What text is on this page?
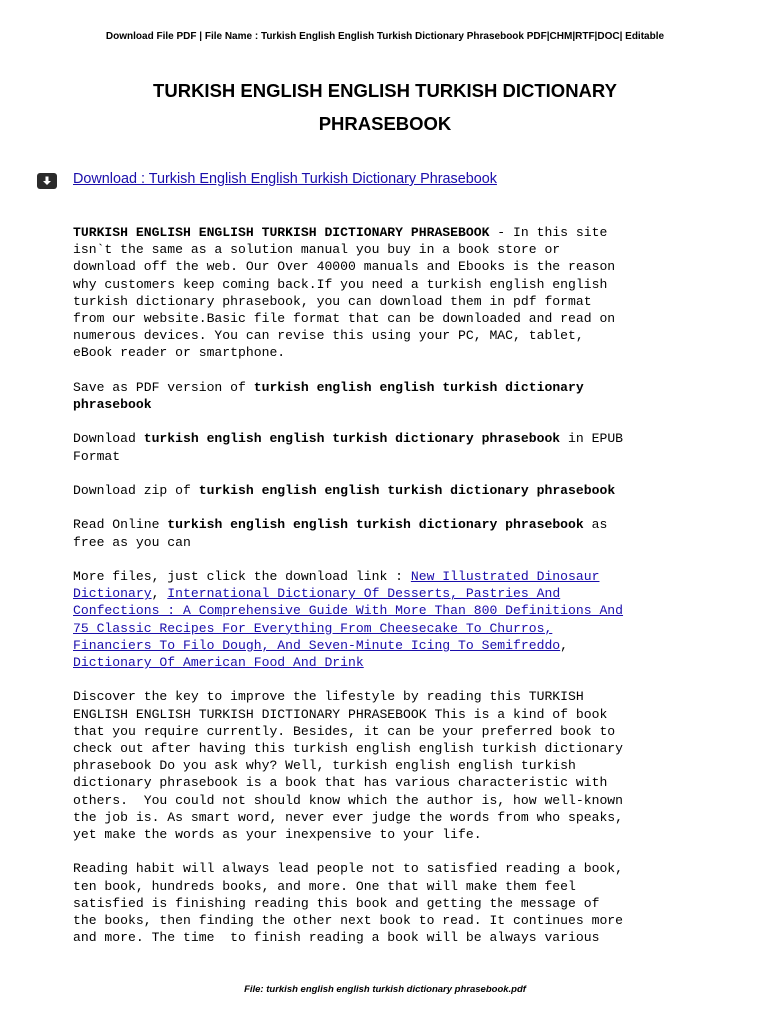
Download File PDF | File Name : Turkish English English Turkish Dictionary Phrasebook PDF|CHM|RTF|DOC| Editable
TURKISH ENGLISH ENGLISH TURKISH DICTIONARY
PHRASEBOOK
Download : Turkish English English Turkish Dictionary Phrasebook

TURKISH ENGLISH ENGLISH TURKISH DICTIONARY PHRASEBOOK - In this site
isn`t the same as a solution manual you buy in a book store or
download off the web. Our Over 40000 manuals and Ebooks is the reason
why customers keep coming back.If you need a turkish english english
turkish dictionary phrasebook, you can download them in pdf format
from our website.Basic file format that can be downloaded and read on
numerous devices. You can revise this using your PC, MAC, tablet,
eBook reader or smartphone.

Save as PDF version of turkish english english turkish dictionary
phrasebook

Download turkish english english turkish dictionary phrasebook in EPUB
Format

Download zip of turkish english english turkish dictionary phrasebook

Read Online turkish english english turkish dictionary phrasebook as
free as you can

More files, just click the download link : New Illustrated Dinosaur
Dictionary, International Dictionary Of Desserts, Pastries And
Confections : A Comprehensive Guide With More Than 800 Definitions And
75 Classic Recipes For Everything From Cheesecake To Churros,
Financiers To Filo Dough, And Seven-Minute Icing To Semifreddo,
Dictionary Of American Food And Drink

Discover the key to improve the lifestyle by reading this TURKISH
ENGLISH ENGLISH TURKISH DICTIONARY PHRASEBOOK This is a kind of book
that you require currently. Besides, it can be your preferred book to
check out after having this turkish english english turkish dictionary
phrasebook Do you ask why? Well, turkish english english turkish
dictionary phrasebook is a book that has various characteristic with
others.  You could not should know which the author is, how well-known
the job is. As smart word, never ever judge the words from who speaks,
yet make the words as your inexpensive to your life.

Reading habit will always lead people not to satisfied reading a book,
ten book, hundreds books, and more. One that will make them feel
satisfied is finishing reading this book and getting the message of
the books, then finding the other next book to read. It continues more
and more. The time  to finish reading a book will be always various

File: turkish english english turkish dictionary phrasebook.pdf
